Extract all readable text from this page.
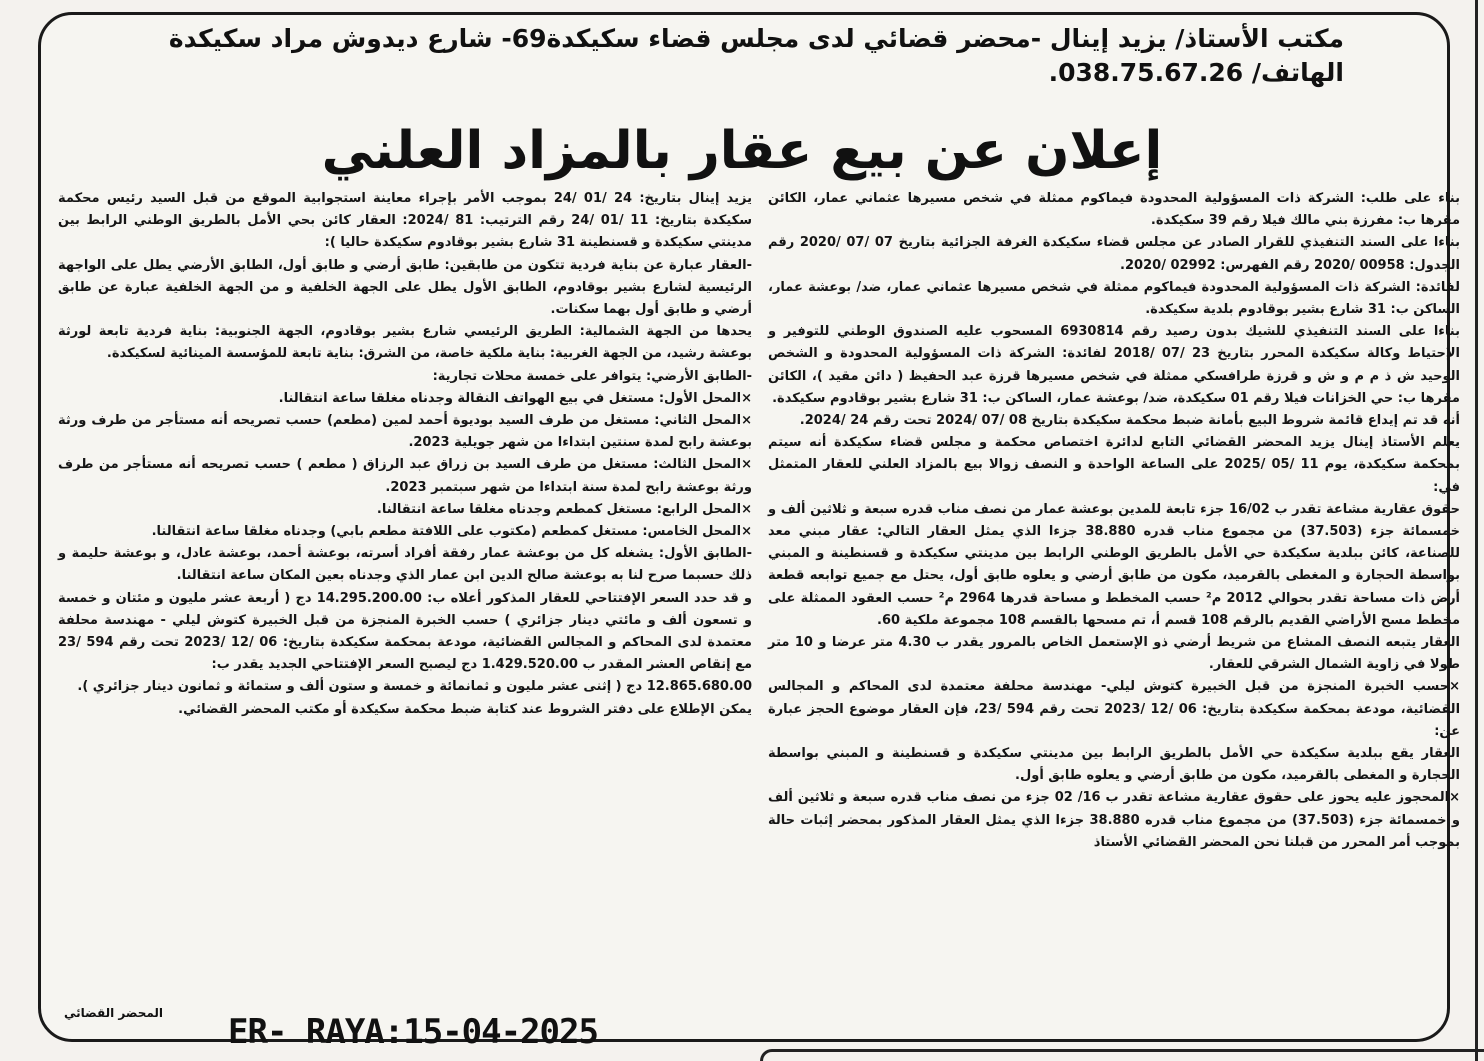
مكتب الأستاذ/ يزيد إينال -محضر قضائي لدى مجلس قضاء سكيكدة69- شارع ديدوش مراد سكيكدة
الهاتف/ 038.75.67.26.
إعلان عن بيع عقار بالمزاد العلني

بناء على طلب: الشركة ذات المسؤولية المحدودة فيماكوم ممثلة في شخص مسيرها عثماني عمار، الكائن مقرها ب: مفرزة بني مالك فيلا رقم 39 سكيكدة.

بناءا على السند التنفيذي للقرار الصادر عن مجلس قضاء سكيكدة الغرفة الجزائية بتاريخ 07 /07 /2020 رقم الجدول: 00958 /2020 رقم الفهرس: 02992 /2020.

لفائدة: الشركة ذات المسؤولية المحدودة فيماكوم ممثلة في شخص مسيرها عثماني عمار، ضد/ بوعشة عمار، الساكن ب: 31 شارع بشير بوقادوم بلدية سكيكدة.

بناءا على السند التنفيذي للشيك بدون رصيد رقم 6930814 المسحوب عليه الصندوق الوطني للتوفير و الإحتياط وكالة سكيكدة المحرر بتاريخ 23 /07 /2018 لفائدة: الشركة ذات المسؤولية المحدودة و الشخص الوحيد ش ذ م م و ش و قرزة طرافسكي ممثلة في شخص مسيرها قرزة عبد الحفيظ ( دائن مقيد )، الكائن مقرها ب: حي الخزانات فيلا رقم 01 سكيكدة، ضد/ بوعشة عمار، الساكن ب: 31 شارع بشير بوقادوم سكيكدة.

أنه قد تم إيداع قائمة شروط البيع بأمانة ضبط محكمة سكيكدة بتاريخ 08 /07 /2024 تحت رقم 24 /2024.

يعلم الأستاذ إينال يزيد المحضر القضائي التابع لدائرة اختصاص محكمة و مجلس قضاء سكيكدة أنه سيتم بمحكمة سكيكدة، يوم 11 /05 /2025 على الساعة الواحدة و النصف زوالا بيع بالمزاد العلني للعقار المتمثل في:

حقوق عقارية مشاعة تقدر ب 16/02 جزء تابعة للمدين بوعشة عمار من نصف مناب قدره سبعة و ثلاثين ألف و خمسمائة جزء (37.503) من مجموع مناب قدره 38.880 جزءا الذي يمثل العقار التالي: عقار مبني معد للصناعة، كائن ببلدية سكيكدة حي الأمل بالطريق الوطني الرابط بين مدينتي سكيكدة و قسنطينة و المبني بواسطة الحجارة و المغطى بالقرميد، مكون من طابق أرضي و يعلوه طابق أول، يحتل مع جميع توابعه قطعة أرض ذات مساحة تقدر بحوالي 2012 م² حسب المخطط و مساحة قدرها 2964 م² حسب العقود الممثلة على مخطط مسح الأراضي القديم بالرقم 108 قسم أ، تم مسحها بالقسم 108 مجموعة ملكية 60.

العقار يتبعه النصف المشاع من شريط أرضي ذو الإستعمل الخاص بالمرور يقدر ب 4.30 متر عرضا و 10 متر طولا في زاوية الشمال الشرقي للعقار.

×حسب الخبرة المنجزة من قبل الخبيرة كتوش ليلي- مهندسة محلفة معتمدة لدى المحاكم و المجالس القضائية، مودعة بمحكمة سكيكدة بتاريخ: 06 /12 /2023 تحت رقم 594 /23، فإن العقار موضوع الحجز عبارة عن:

العقار يقع ببلدية سكيكدة حي الأمل بالطريق الرابط بين مدينتي سكيكدة و قسنطينة و المبني بواسطة الحجارة و المغطى بالقرميد، مكون من طابق أرضي و يعلوه طابق أول.

×المحجوز عليه يحوز على حقوق عقارية مشاعة تقدر ب 16/ 02 جزء من نصف مناب قدره سبعة و ثلاثين ألف و خمسمائة جزء (37.503) من مجموع مناب قدره 38.880 جزءا الذي يمثل العقار المذكور بمحضر إثبات حالة بموجب أمر المحرر من قبلنا نحن المحضر القضائي الأستاذ

يزيد إينال بتاريخ: 24 /01 /24 بموجب الأمر بإجراء معاينة استجوابية الموقع من قبل السيد رئيس محكمة سكيكدة بتاريخ: 11 /01 /24 رقم الترتيب: 81 /2024: العقار كائن بحي الأمل بالطريق الوطني الرابط بين مدينتي سكيكدة و قسنطينة 31 شارع بشير بوقادوم سكيكدة حاليا ):

-العقار عبارة عن بناية فردية تتكون من طابقين: طابق أرضي و طابق أول، الطابق الأرضي يطل على الواجهة الرئيسية لشارع بشير بوقادوم، الطابق الأول يطل على الجهة الخلفية و من الجهة الخلفية عبارة عن طابق أرضي و طابق أول بهما سكنات.

يحدها من الجهة الشمالية: الطريق الرئيسي شارع بشير بوقادوم، الجهة الجنوبية: بناية فردية تابعة لورثة بوعشة رشيد، من الجهة الغربية: بناية ملكية خاصة، من الشرق: بناية تابعة للمؤسسة المينائية لسكيكدة.

-الطابق الأرضي: يتوافر على خمسة محلات تجارية:

×المحل الأول: مستغل في بيع الهواتف النقالة وجدناه مغلقا ساعة انتقالنا.

×المحل الثاني: مستغل من طرف السيد بوديوة أحمد لمين (مطعم) حسب تصريحه أنه مستأجر من طرف ورثة بوعشة رابح لمدة سنتين ابتداءا من شهر جويلية 2023.

×المحل الثالث: مستغل من طرف السيد بن زراق عبد الرزاق ( مطعم ) حسب تصريحه أنه مستأجر من طرف ورثة بوعشة رابح لمدة سنة ابتداءا من شهر سبتمبر 2023.

×المحل الرابع: مستغل كمطعم وجدناه مغلقا ساعة انتقالنا.

×المحل الخامس: مستغل كمطعم (مكتوب على اللافتة مطعم بابي) وجدناه مغلقا ساعة انتقالنا.

-الطابق الأول: يشغله كل من بوعشة عمار رفقة أفراد أسرته، بوعشة أحمد، بوعشة عادل، و بوعشة حليمة و ذلك حسبما صرح لنا به بوعشة صالح الدين ابن عمار الذي وجدناه بعين المكان ساعة انتقالنا.

و قد حدد السعر الإفتتاحي للعقار المذكور أعلاه ب: 14.295.200.00 دج ( أربعة عشر مليون و مئتان و خمسة و تسعون ألف و مائتي دينار جزائري ) حسب الخبرة المنجزة من قبل الخبيرة كتوش ليلي - مهندسة محلفة معتمدة لدى المحاكم و المجالس القضائية، مودعة بمحكمة سكيكدة بتاريخ: 06 /12 /2023 تحت رقم 594 /23 مع إنقاص العشر المقدر ب 1.429.520.00 دج ليصبح السعر الإفتتاحي الجديد يقدر ب:

12.865.680.00 دج ( إثنى عشر مليون و ثمانمائة و خمسة و ستون ألف و ستمائة و ثمانون دينار جزائري ).

يمكن الإطلاع على دفتر الشروط عند كتابة ضبط محكمة سكيكدة أو مكتب المحضر القضائي.

المحضر القضائي ER- RAYA:15-04-2025
